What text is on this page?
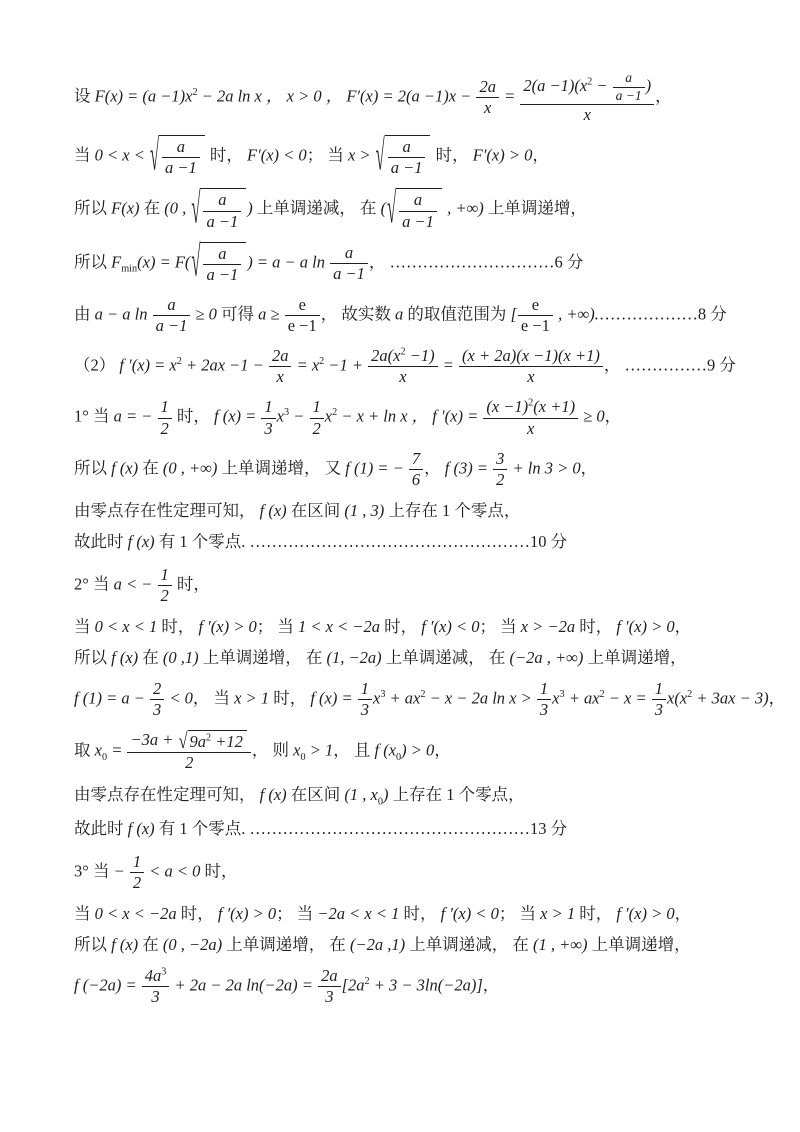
设 $F(x) = (a -1)x^2 - 2a$ ln x ， x > 0 ， $F'(x) = 2(a -1)x - \frac{2a}{x} = \frac{2(a -1)(x^2 - \frac{a}{a -1} )}{x}$ ，
当 0 < x < √ $\frac{a}{a -1}$ 时， F′(x) < 0； 当 x > √ $\frac{a}{a -1}$ 时， F′(x) > 0，
所以 F(x) 在 (0 , √ $\frac{a}{a -1}$ ) 上单调递减， 在 ( √ $\frac{a}{a -1}$ , +∞) 上单调递增，
所以 $F_{min}(x) = F$( √ $\frac{a}{a -1}$ ) = a − a $\ln \frac{a}{a -1}$ ， …………………………6 分
由 a − a $\ln \frac{a}{a -1} \ge 0$ 可得 $a \ge \frac{e}{e -1}$ ， 故实数 a 的取值范围为 [ $\frac{e}{e -1}$ , +∞).………………8 分
（2） f $'(x) = x^2 + 2ax -1 - \frac{2a}{x} = x^2 -1 + \frac{2a(x^2 -1)}{x} = \frac{(x + 2a)(x -1)(x +1)}{x}$ ， ……………9 分
1° 当 a = − $\frac{1}{2}$ 时， f $(x) = \frac{1}{3} x^3 - \frac{1}{2} x^2 - x + \ln x$ ， f $'(x) = \frac{(x -1)^2(x +1)}{x} \ge 0$，
所以 f (x) 在 (0 , +∞) 上单调递增， 又 f (1) = − $\frac{7}{6}$ ， f $(3) = \frac{3}{2} + \ln 3 > 0$，
由零点存在性定理可知， f (x) 在区间 (1 , 3) 上存在 1 个零点，
故此时 f (x) 有 1 个零点. ……………………………………………10 分
2° 当 a < − $\frac{1}{2}$ 时，
当 0 < x < 1 时， f ′(x) > 0； 当 1 < x < −2a 时， f ′(x) < 0； 当 x > −2a 时， f ′(x) > 0，
所以 f (x) 在 (0 ,1) 上单调递增， 在 (1, −2a) 上单调递减， 在 (−2a , +∞) 上单调递增，
f $(1) = a - \frac{2}{3} < 0$， 当 x > 1 时， f $(x) = \frac{1}{3} x^3 + ax^2 - x - 2a$ $\ln x > \frac{1}{3} x^3 + ax^2 - x = \frac{1}{3} x(x^2 + 3ax - 3)$，
取 $x_0 = \frac{-3a + √ 9a^2 +12}{2}$ ， 则 $x_0 > 1$， 且 f $(x_0) > 0$，
由零点存在性定理可知， f (x) 在区间 (1 , $x_0$) 上存在 1 个零点，
故此时 f (x) 有 1 个零点. ……………………………………………13 分
3° 当 − $\frac{1}{2} < a < 0$ 时，
当 0 < x < −2a 时， f ′(x) > 0； 当 −2a < x < 1 时， f ′(x) < 0； 当 x > 1 时， f ′(x) > 0，
所以 f (x) 在 (0 , −2a) 上单调递增， 在 (−2a ,1) 上单调递减， 在 (1 , +∞) 上单调递增，
f $(-2a) = \frac{4a^3}{3} + 2a - 2a$ $\ln(-2a) = \frac{2a}{3} [2a^2 + 3 - 3\ln(-2a)]$，
